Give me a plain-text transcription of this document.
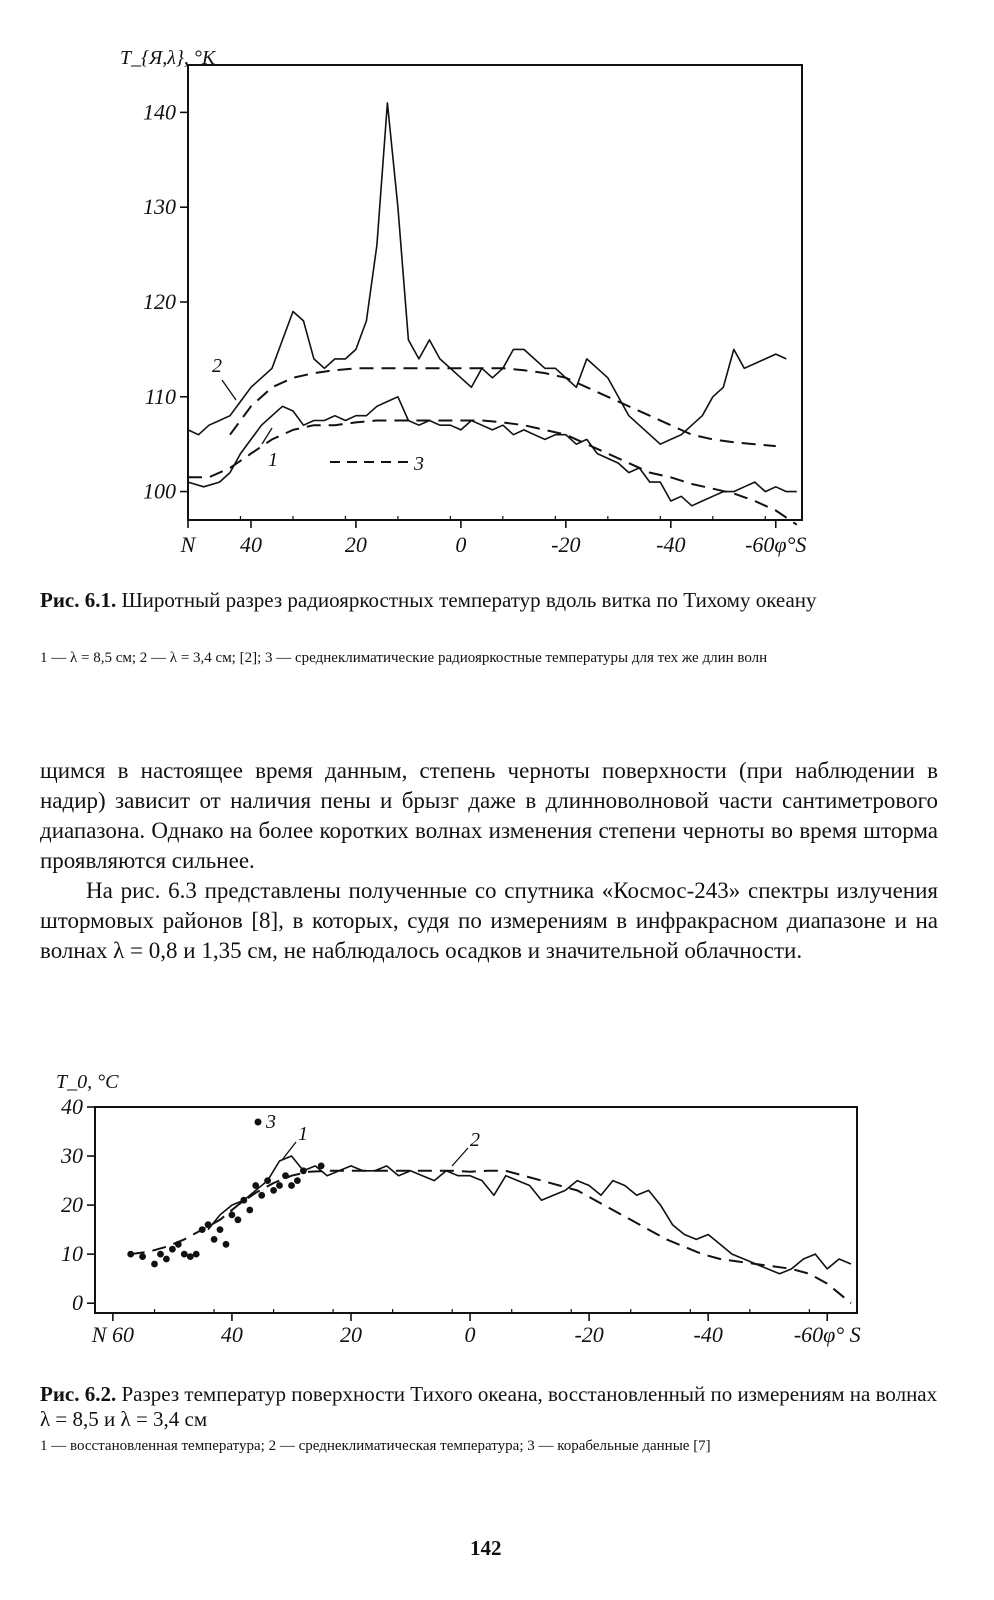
T_{Я,λ}, °K
140
130
120
110
100
N 40	20	0	-20	-40	-60φ°S
1
2
3
Рис. 6.1. Широтный разрез радиояркостных температур вдоль витка по Тихому океану
1 — λ = 8,5 см; 2 — λ = 3,4 см; [2]; 3 — среднеклиматические радиояркостные температуры для тех же длин волн

щимся в настоящее время данным, степень черноты поверхности (при наблюдении в надир) зависит от наличия пены и брызг даже в длинноволновой части сантиметрового диапазона. Однако на более коротких волнах изменения степени черноты во время шторма проявляются сильнее.

На рис. 6.3 представлены полученные со спутника «Космос-243» спектры излучения штормовых районов [8], в которых, судя по измерениям в инфракрасном диапазоне и на волнах λ = 0,8 и 1,35 см, не наблюдалось осадков и значительной облачности.

T_0, °C
40
30
20
10
0
N 60	40	20	0	-20	-40	-60φ° S
1	2
3
Рис. 6.2. Разрез температур поверхности Тихого океана, восстановленный по измерениям на волнах λ = 8,5 и λ = 3,4 см
1 — восстановленная температура; 2 — среднеклиматическая температура; 3 — корабельные данные [7]
142
